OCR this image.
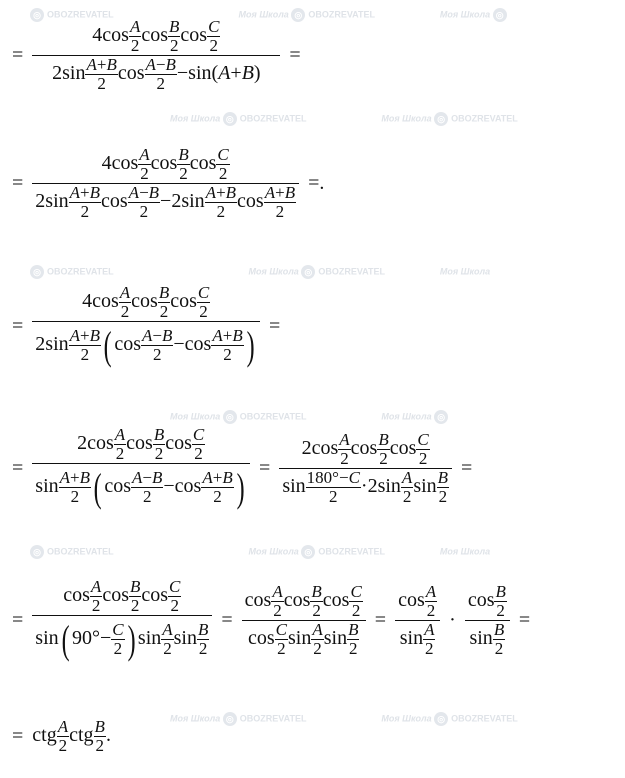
◎ OBOZREVATEL	Моя Школа ◎ OBOZREVATEL	Моя Школа ◎
Моя Школа ◎ OBOZREVATEL	Моя Школа ◎ OBOZREVATEL
◎ OBOZREVATEL	Моя Школа ◎ OBOZREVATEL	Моя Школа
Моя Школа ◎ OBOZREVATEL	Моя Школа ◎
◎ OBOZREVATEL	Моя Школа ◎ OBOZREVATEL	Моя Школа
Моя Школа ◎ OBOZREVATEL	Моя Школа ◎ OBOZREVATEL
= $\frac{4\cos \frac{A}{2} \cos \frac{B}{2} \cos \frac{C}{2}}{2\sin \frac{A+B}{2} \cos \frac{A-B}{2} -\sin(A+B)}$ =
= $\frac{4\cos \frac{A}{2} \cos \frac{B}{2} \cos \frac{C}{2}}{2\sin \frac{A+B}{2} \cos \frac{A-B}{2} -2\sin \frac{A+B}{2} \cos \frac{A+B}{2}}$ =.
= $\frac{4\cos \frac{A}{2} \cos \frac{B}{2} \cos \frac{C}{2}}{2\sin \frac{A+B}{2} ( \cos \frac{A-B}{2} -\cos \frac{A+B}{2} )}$ =
= $\frac{2\cos \frac{A}{2} \cos \frac{B}{2} \cos \frac{C}{2}}{\sin \frac{A+B}{2} ( \cos \frac{A-B}{2} -\cos \frac{A+B}{2} )} = \frac{2\cos \frac{A}{2} \cos \frac{B}{2} \cos \frac{C}{2}}{\sin \frac{180^\circ-C}{2} \cdot 2\sin \frac{A}{2} \sin \frac{B}{2}}$ =
= $\frac{\cos \frac{A}{2} \cos \frac{B}{2} \cos \frac{C}{2}}{\sin( 90^\circ- \frac{C}{2} ) \sin \frac{A}{2} \sin \frac{B}{2}} = \frac{\cos \frac{A}{2} \cos \frac{B}{2} \cos \frac{C}{2}}{\cos \frac{C}{2} \sin \frac{A}{2} \sin \frac{B}{2}} = \frac{\cos \frac{A}{2}}{\sin \frac{A}{2}} \cdot \frac{\cos \frac{B}{2}}{\sin \frac{B}{2}}$ =
= ctg $\frac{A}{2}$ ctg $\frac{B}{2}$ .
